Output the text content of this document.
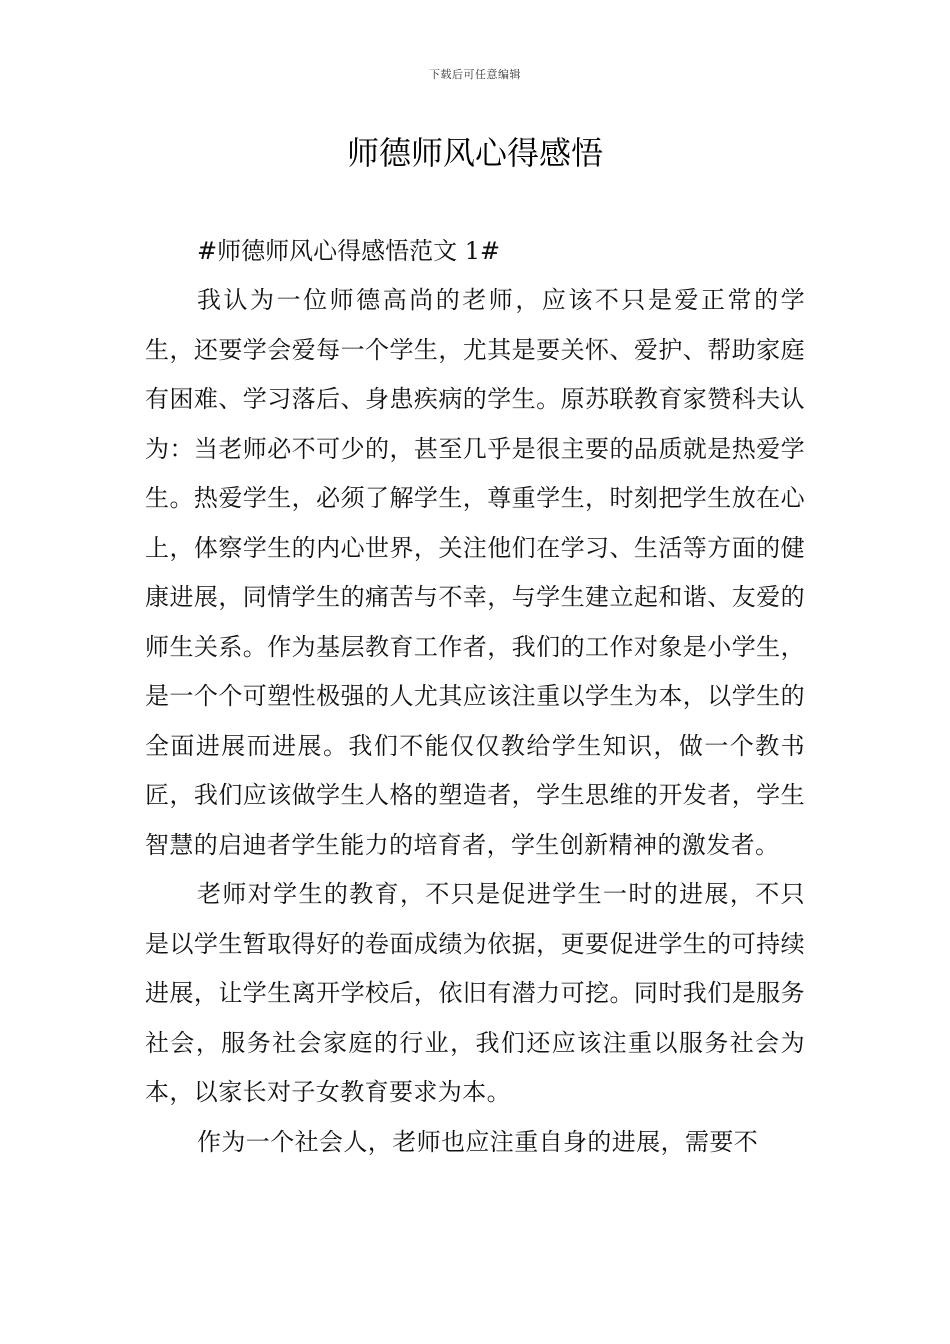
下载后可任意编辑
师德师风心得感悟

#师德师风心得感悟范文 1#

我认为一位师德高尚的老师，应该不只是爱正常的学生，还要学会爱每一个学生，尤其是要关怀、爱护、帮助家庭有困难、学习落后、身患疾病的学生。原苏联教育家赞科夫认为：当老师必不可少的，甚至几乎是很主要的品质就是热爱学生。热爱学生，必须了解学生，尊重学生，时刻把学生放在心上，体察学生的内心世界，关注他们在学习、生活等方面的健康进展，同情学生的痛苦与不幸，与学生建立起和谐、友爱的师生关系。作为基层教育工作者，我们的工作对象是小学生，是一个个可塑性极强的人尤其应该注重以学生为本，以学生的全面进展而进展。我们不能仅仅教给学生知识，做一个教书匠，我们应该做学生人格的塑造者，学生思维的开发者，学生智慧的启迪者学生能力的培育者，学生创新精神的激发者。

老师对学生的教育，不只是促进学生一时的进展，不只是以学生暂取得好的卷面成绩为依据，更要促进学生的可持续进展，让学生离开学校后，依旧有潜力可挖。同时我们是服务社会，服务社会家庭的行业，我们还应该注重以服务社会为本，以家长对子女教育要求为本。

作为一个社会人，老师也应注重自身的进展，需要不
